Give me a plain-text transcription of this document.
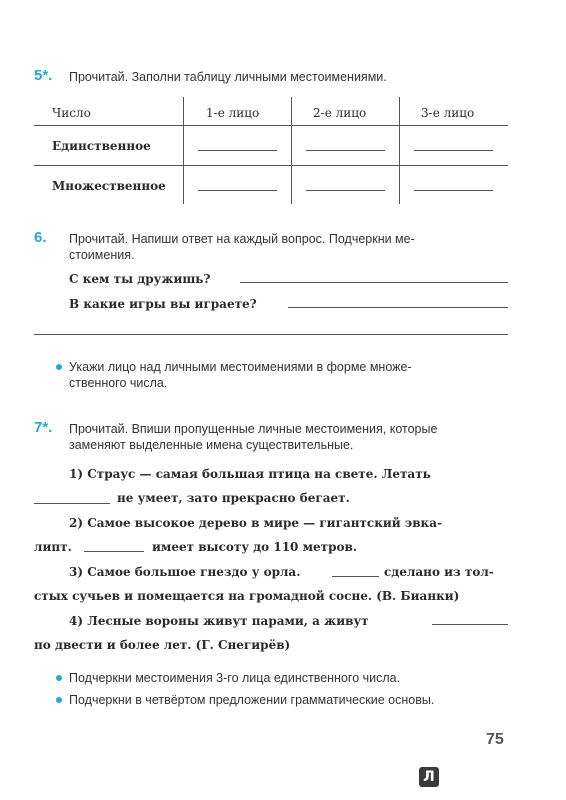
5*. Прочитай. Заполни таблицу личными местоимениями.
Число	1-е лицо	2-е лицо	3-е лицо
Единственное
Множественное
6. Прочитай. Напиши ответ на каждый вопрос. Подчеркни ме-
стоимения.
С кем ты дружишь?
В какие игры вы играете?
Укажи лицо над личными местоимениями в форме множе-
ственного числа.
7*. Прочитай. Впиши пропущенные личные местоимения, которые
заменяют выделенные имена существительные.
1) Страус — самая большая птица на свете. Летать
не умеет, зато прекрасно бегает.
2) Самое высокое дерево в мире — гигантский эвка-
липт.	имеет высоту до 110 метров.
3) Самое большое гнездо у орла.	сделано из тол-
стых сучьев и помещается на громадной сосне. (В. Бианки)
4) Лесные вороны живут парами, а живут
по двести и более лет. (Г. Снегирёв)
Подчеркни местоимения 3-го лица единственного числа.
Подчеркни в четвёртом предложении грамматические основы.
75
Л
